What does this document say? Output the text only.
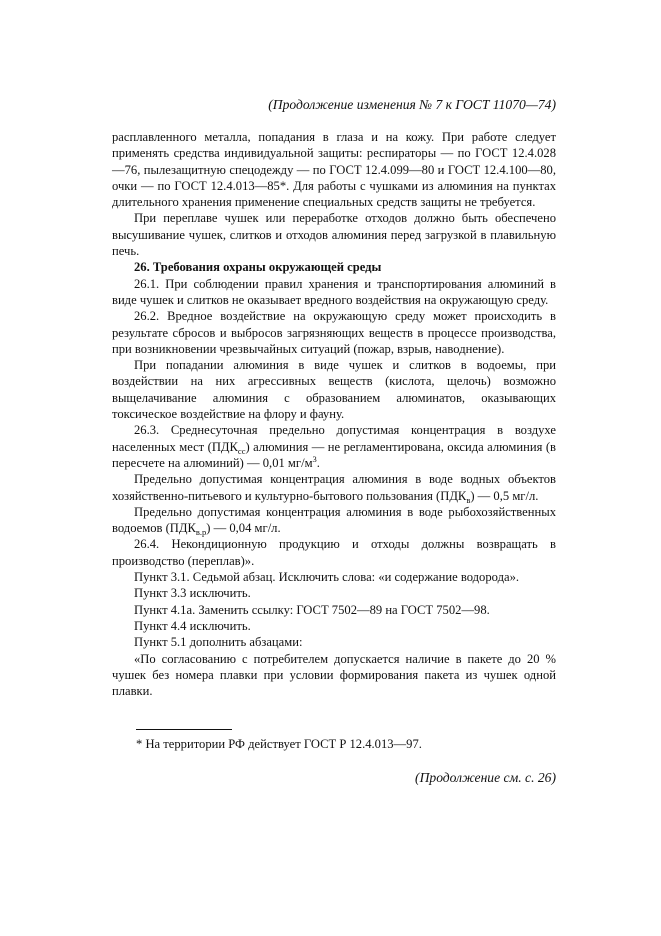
(Продолжение изменения № 7 к ГОСТ 11070—74)

расплавленного металла, попадания в глаза и на кожу. При работе следует применять средства индивидуальной защиты: респираторы — по ГОСТ 12.4.028—76, пылезащитную спецодежду — по ГОСТ 12.4.099—80 и ГОСТ 12.4.100—80, очки — по ГОСТ 12.4.013—85*. Для работы с чушками из алюминия на пунктах длительного хранения применение специальных средств защиты не требуется.

При переплаве чушек или переработке отходов должно быть обеспечено высушивание чушек, слитков и отходов алюминия перед загрузкой в плавильную печь.

26. Требования охраны окружающей среды

26.1. При соблюдении правил хранения и транспортирования алюминий в виде чушек и слитков не оказывает вредного воздействия на окружающую среду.

26.2. Вредное воздействие на окружающую среду может происходить в результате сбросов и выбросов загрязняющих веществ в процессе производства, при возникновении чрезвычайных ситуаций (пожар, взрыв, наводнение).

При попадании алюминия в виде чушек и слитков в водоемы, при воздействии на них агрессивных веществ (кислота, щелочь) возможно выщелачивание алюминия с образованием алюминатов, оказывающих токсическое воздействие на флору и фауну.

26.3. Среднесуточная предельно допустимая концентрация в воздухе населенных мест $(ПДК_{сс})$ алюминия — не регламентирована, оксида алюминия (в пересчете на алюминий) — 0,01 $мг/м^3$.

Предельно допустимая концентрация алюминия в воде водных объектов хозяйственно-питьевого и культурно-бытового пользования $(ПДК_в)$ — 0,5 мг/л.

Предельно допустимая концентрация алюминия в воде рыбохозяйственных водоемов $(ПДК_{в.р})$ — 0,04 мг/л.

26.4. Некондиционную продукцию и отходы должны возвращать в производство (переплав)».

Пункт 3.1. Седьмой абзац. Исключить слова: «и содержание водорода».

Пункт 3.3 исключить.

Пункт 4.1а. Заменить ссылку: ГОСТ 7502—89 на ГОСТ 7502—98.

Пункт 4.4 исключить.

Пункт 5.1 дополнить абзацами:

«По согласованию с потребителем допускается наличие в пакете до 20 % чушек без номера плавки при условии формирования пакета из чушек одной плавки.

* На территории РФ действует ГОСТ Р 12.4.013—97.
(Продолжение см. с. 26)
